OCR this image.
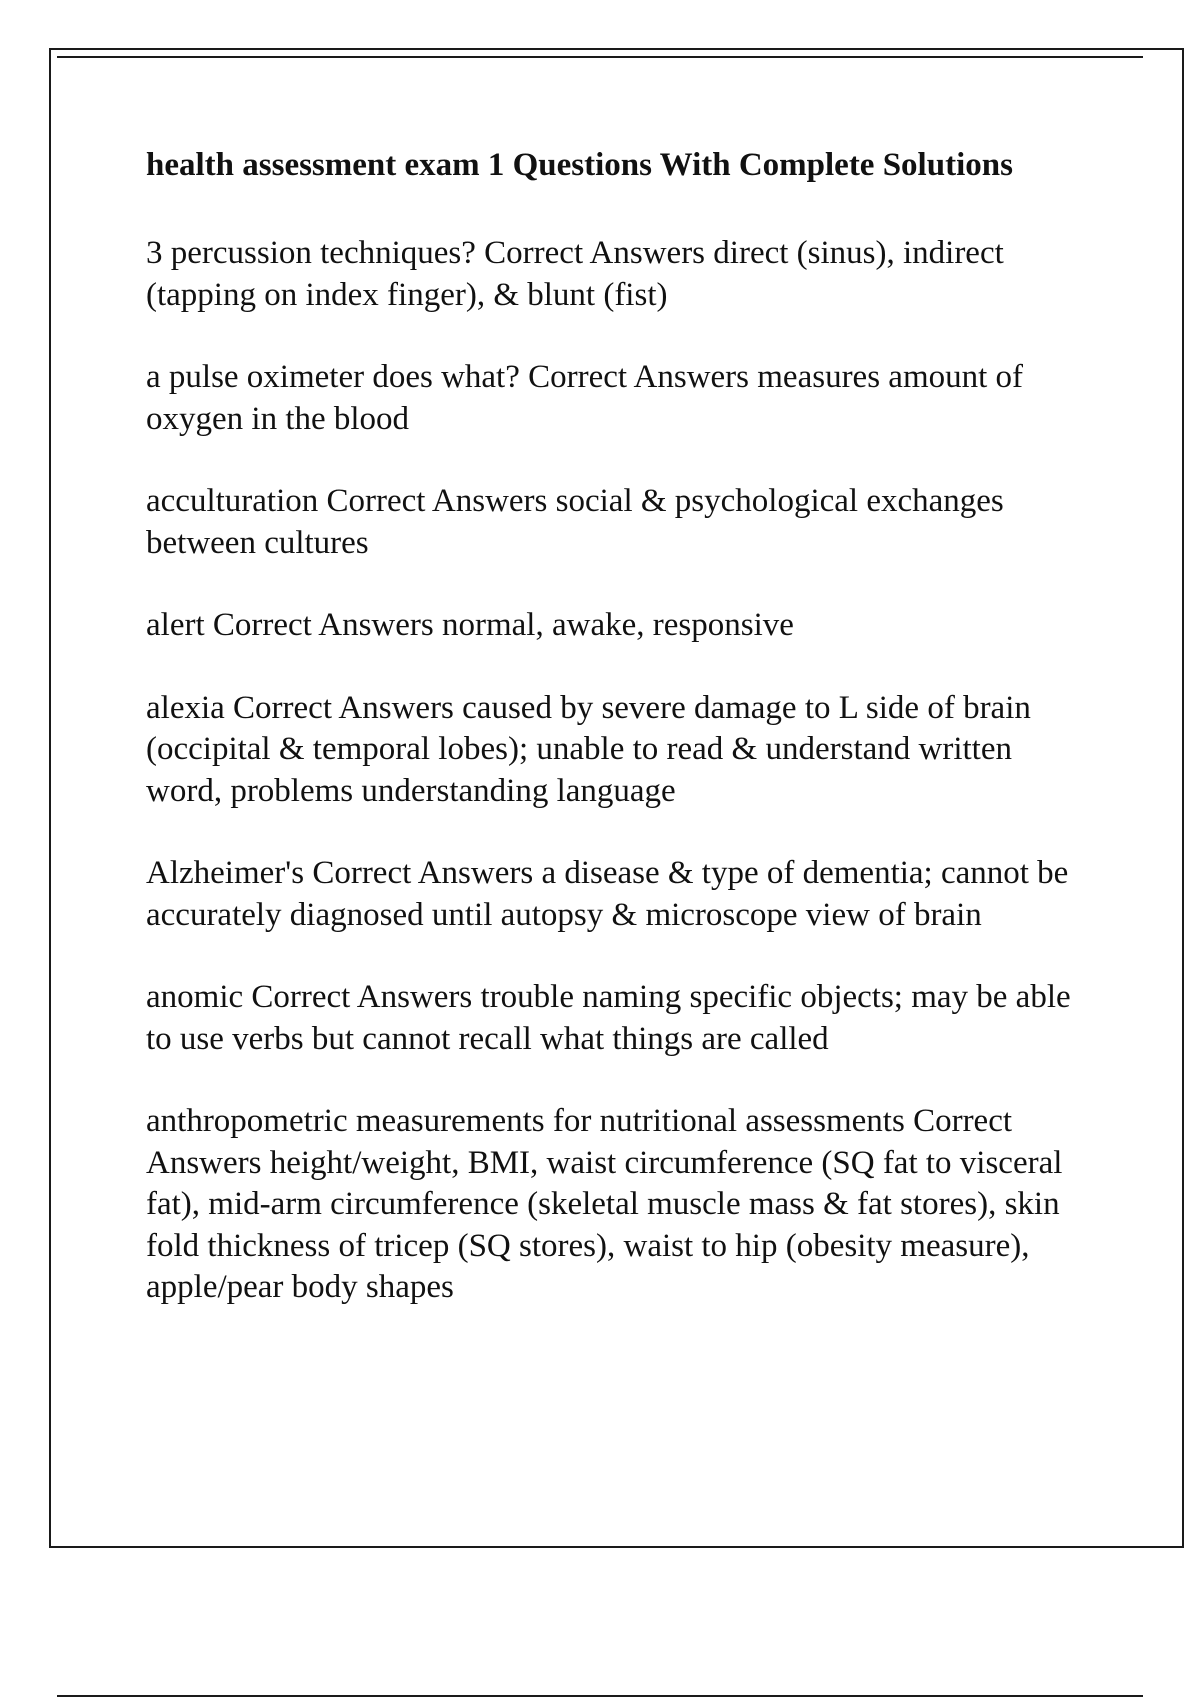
health assessment exam 1 Questions With Complete Solutions

3 percussion techniques? Correct Answers direct (sinus), indirect (tapping on index finger), & blunt (fist)

a pulse oximeter does what? Correct Answers measures amount of oxygen in the blood

acculturation Correct Answers social & psychological exchanges between cultures

alert Correct Answers normal, awake, responsive

alexia Correct Answers caused by severe damage to L side of brain (occipital & temporal lobes); unable to read & understand written word, problems understanding language

Alzheimer's Correct Answers a disease & type of dementia; cannot be accurately diagnosed until autopsy & microscope view of brain

anomic Correct Answers trouble naming specific objects; may be able to use verbs but cannot recall what things are called

anthropometric measurements for nutritional assessments Correct Answers height/weight, BMI, waist circumference (SQ fat to visceral fat), mid-arm circumference (skeletal muscle mass & fat stores), skin fold thickness of tricep (SQ stores), waist to hip (obesity measure), apple/pear body shapes
